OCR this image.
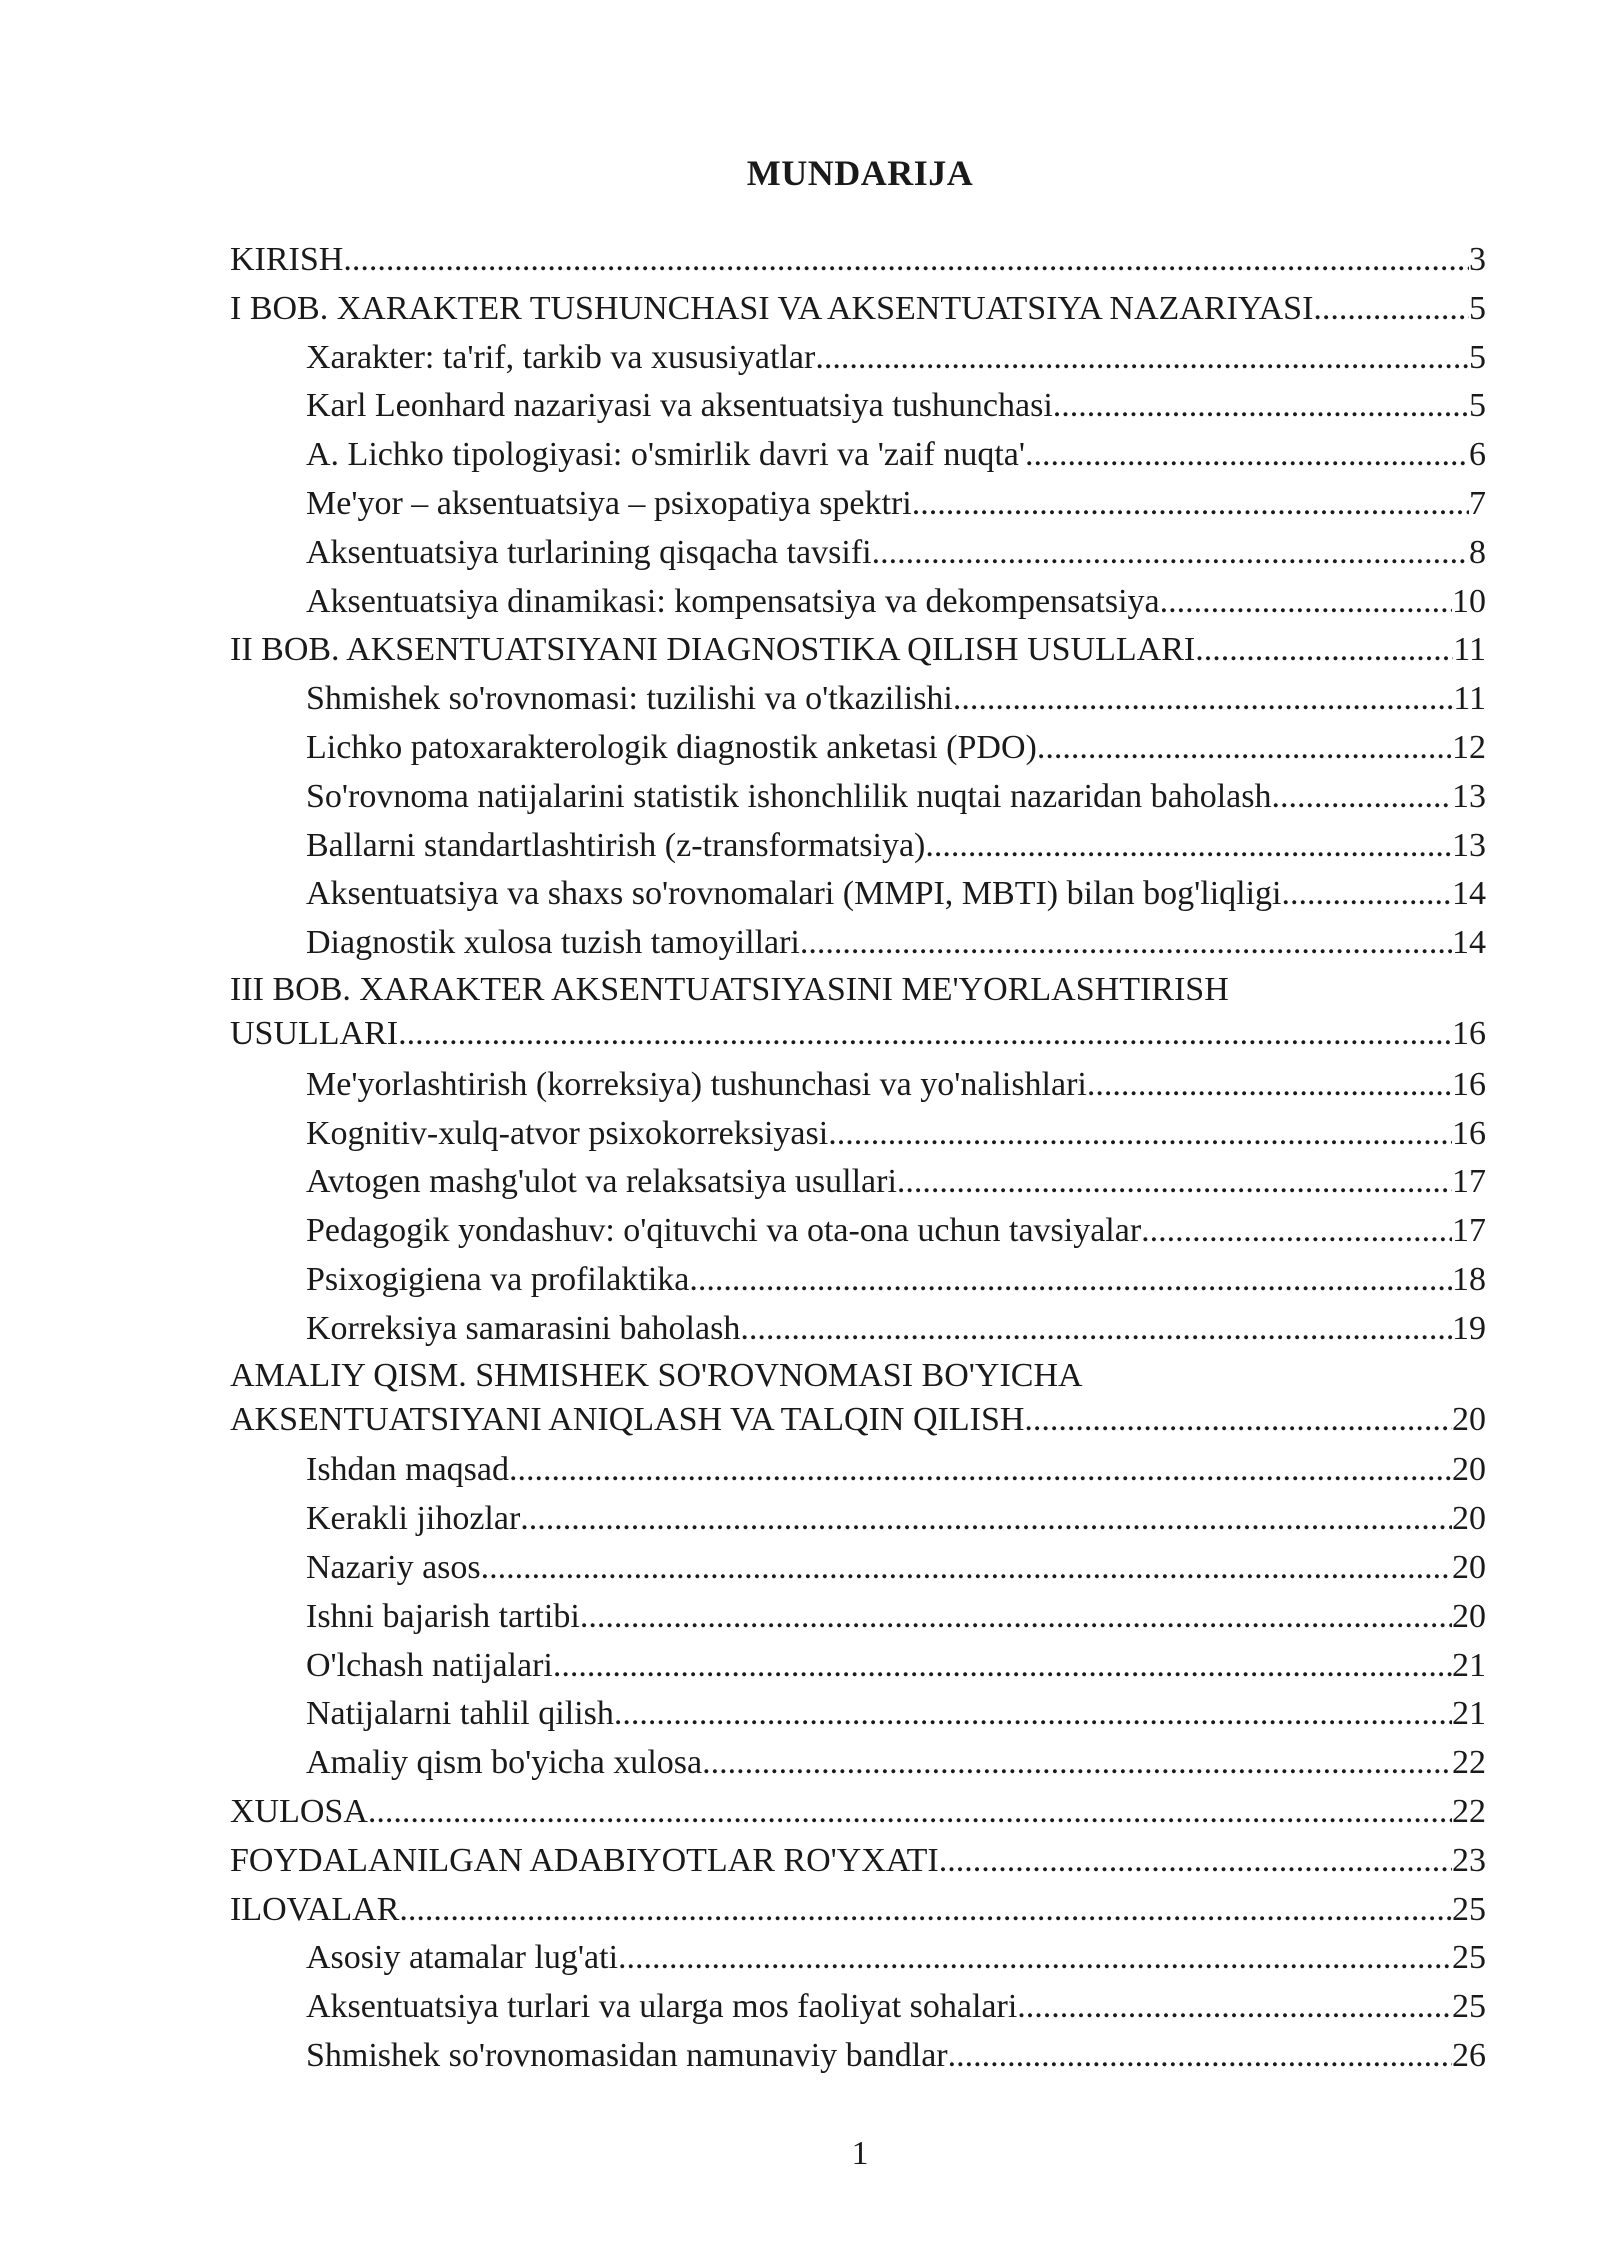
MUNDARIJA
KIRISH .....	3
I BOB. XARAKTER TUSHUNCHASI VA AKSENTUATSIYA NAZARIYASI .....	5
Xarakter: ta'rif, tarkib va xususiyatlar .....	5
Karl Leonhard nazariyasi va aksentuatsiya tushunchasi .....	5
A. Lichko tipologiyasi: o'smirlik davri va 'zaif nuqta' .....	6
Me'yor – aksentuatsiya – psixopatiya spektri .....	7
Aksentuatsiya turlarining qisqacha tavsifi .....	8
Aksentuatsiya dinamikasi: kompensatsiya va dekompensatsiya .....	10
II BOB. AKSENTUATSIYANI DIAGNOSTIKA QILISH USULLARI .....	11
Shmishek so'rovnomasi: tuzilishi va o'tkazilishi .....	11
Lichko patoxarakterologik diagnostik anketasi (PDO) .....	12
So'rovnoma natijalarini statistik ishonchlilik nuqtai nazaridan baholash .....	13
Ballarni standartlashtirish (z-transformatsiya) .....	13
Aksentuatsiya va shaxs so'rovnomalari (MMPI, MBTI) bilan bog'liqligi .....	14
Diagnostik xulosa tuzish tamoyillari .....	14
III BOB. XARAKTER AKSENTUATSIYASINI ME'YORLASHTIRISH
USULLARI .....	16
Me'yorlashtirish (korreksiya) tushunchasi va yo'nalishlari .....	16
Kognitiv-xulq-atvor psixokorreksiyasi .....	16
Avtogen mashg'ulot va relaksatsiya usullari .....	17
Pedagogik yondashuv: o'qituvchi va ota-ona uchun tavsiyalar .....	17
Psixogigiena va profilaktika .....	18
Korreksiya samarasini baholash .....	19
AMALIY QISM. SHMISHEK SO'ROVNOMASI BO'YICHA
AKSENTUATSIYANI ANIQLASH VA TALQIN QILISH .....	20
Ishdan maqsad .....	20
Kerakli jihozlar .....	20
Nazariy asos .....	20
Ishni bajarish tartibi .....	20
O'lchash natijalari .....	21
Natijalarni tahlil qilish .....	21
Amaliy qism bo'yicha xulosa .....	22
XULOSA .....	22
FOYDALANILGAN ADABIYOTLAR RO'YXATI .....	23
ILOVALAR .....	25
Asosiy atamalar lug'ati .....	25
Aksentuatsiya turlari va ularga mos faoliyat sohalari .....	25
Shmishek so'rovnomasidan namunaviy bandlar .....	26
1
